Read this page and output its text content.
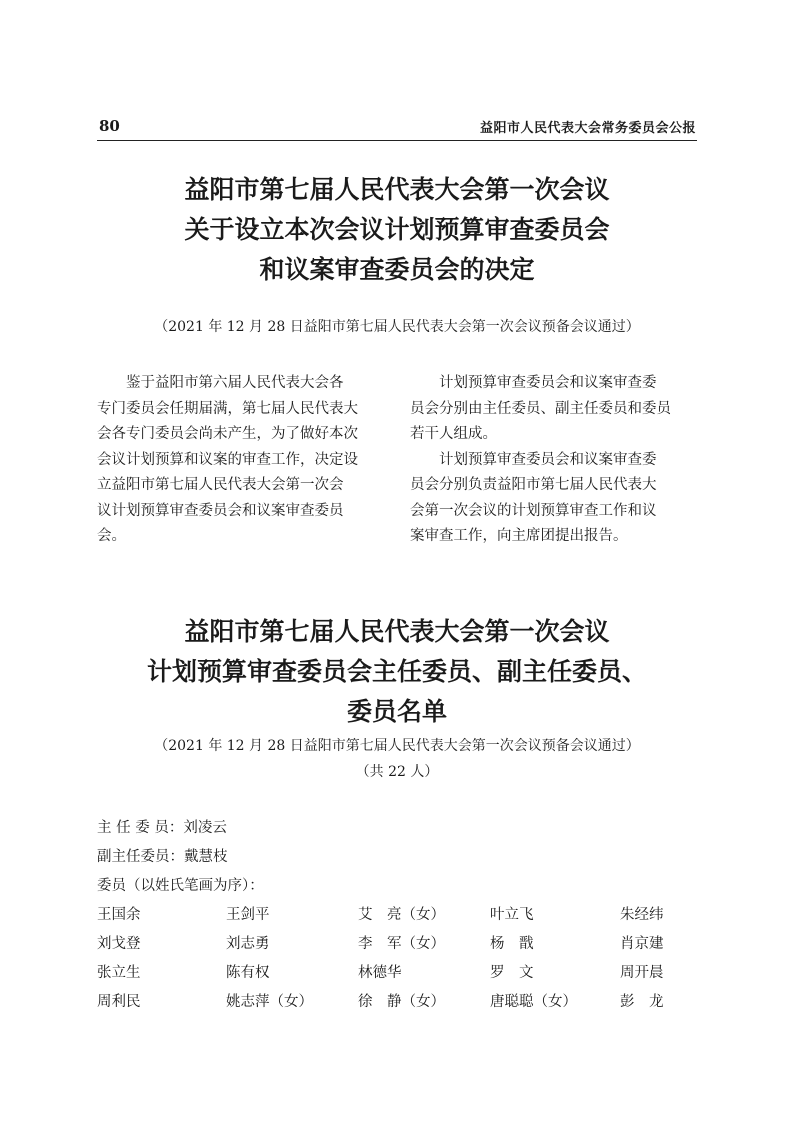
80	益阳市人民代表大会常务委员会公报
益阳市第七届人民代表大会第一次会议
关于设立本次会议计划预算审查委员会
和议案审查委员会的决定
（2021 年 12 月 28 日益阳市第七届人民代表大会第一次会议预备会议通过）
鉴于益阳市第六届人民代表大会各
专门委员会任期届满，第七届人民代表大
会各专门委员会尚未产生，为了做好本次
会议计划预算和议案的审查工作，决定设
立益阳市第七届人民代表大会第一次会
议计划预算审查委员会和议案审查委员
会。
计划预算审查委员会和议案审查委
员会分别由主任委员、副主任委员和委员
若干人组成。
计划预算审查委员会和议案审查委
员会分别负责益阳市第七届人民代表大
会第一次会议的计划预算审查工作和议
案审查工作，向主席团提出报告。
益阳市第七届人民代表大会第一次会议
计划预算审查委员会主任委员、副主任委员、
委员名单
（2021 年 12 月 28 日益阳市第七届人民代表大会第一次会议预备会议通过）
（共 22 人）
主 任 委 员：刘凌云
副主任委员：戴慧枝
委员（以姓氏笔画为序）：
王国余	王剑平	艾　亮（女）	叶立飞	朱经纬
刘戈登	刘志勇	李　军（女）	杨　戬	肖京建
张立生	陈有权	林德华	罗　文	周开晨
周利民	姚志萍（女）	徐　静（女）	唐聪聪（女）	彭　龙
